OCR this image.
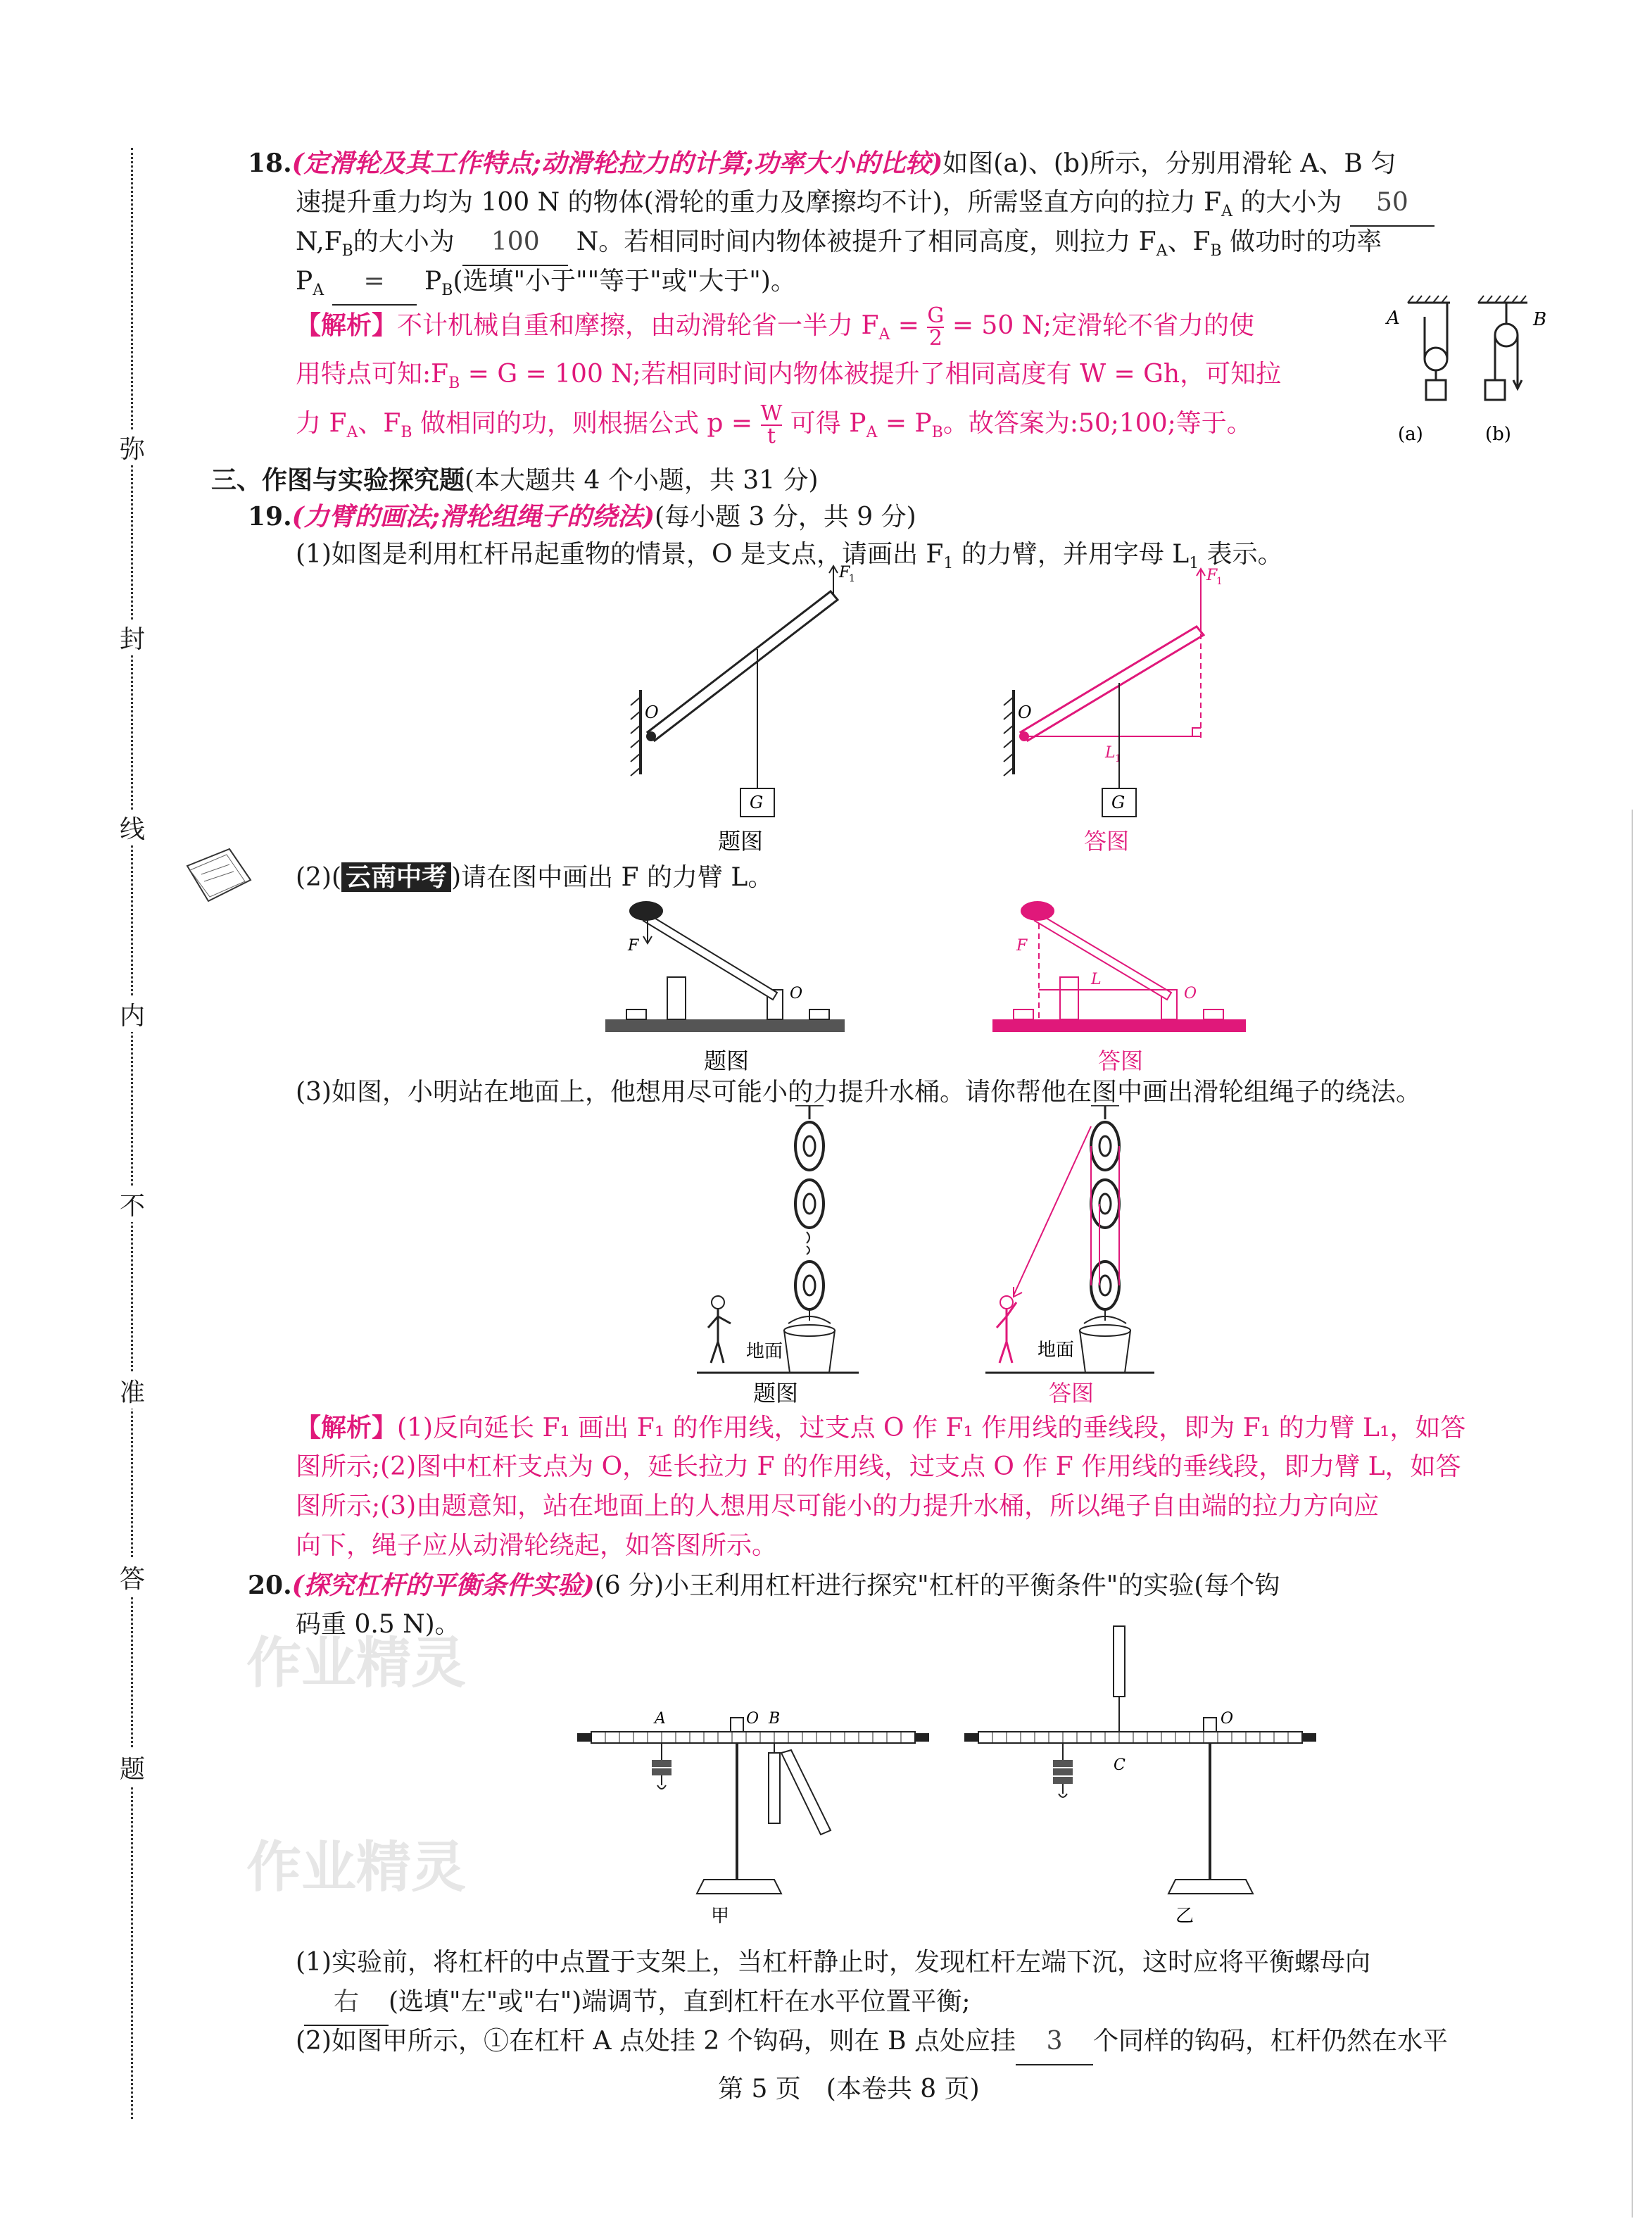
弥
封
线
内
不
准
答
题
18.(定滑轮及其工作特点;动滑轮拉力的计算;功率大小的比较)如图(a)、(b)所示，分别用滑轮 A、B 匀
速提升重力均为 100 N 的物体(滑轮的重力及摩擦均不计)，所需竖直方向的拉力 $F_A$ 的大小为 50
$N,F_B$的大小为 100 N。若相同时间内物体被提升了相同高度，则拉力 $F_A$、$F_B$ 做功时的功率
$P_A = P_B$(选填"小于""等于"或"大于")。
【解析】不计机械自重和摩擦，由动滑轮省一半力 $F_A = \frac{G}{2} = 50$ N;定滑轮不省力的使
用特点可知$:F_B = G = 100$ N;若相同时间内物体被提升了相同高度有 W = Gh，可知拉
力 $F_A$、$F_B$ 做相同的功，则根据公式 $p = \frac{W}{t}$ 可得 $P_A = P_B$。故答案为:50;100;等于。
A	B
(a)	(b)
三、作图与实验探究题(本大题共 4 个小题，共 31 分)
19.(力臂的画法;滑轮组绳子的绕法)(每小题 3 分，共 9 分)
(1)如图是利用杠杆吊起重物的情景，O 是支点，请画出 $F_1$ 的力臂，并用字母 $L_1$ 表示。
F
1
G
O
题图
F
1
L 1
G
O
答图
(2)( 云南中考 )请在图中画出 F 的力臂 L。
F
O
题图
F
L
O
答图
(3)如图，小明站在地面上，他想用尽可能小的力提升水桶。请你帮他在图中画出滑轮组绳子的绕法。
地面
题图
地面
答图
【解析】(1)反向延长 F₁ 画出 F₁ 的作用线，过支点 O 作 F₁ 作用线的垂线段，即为 F₁ 的力臂 L₁，如答
图所示;(2)图中杠杆支点为 O，延长拉力 F 的作用线，过支点 O 作 F 作用线的垂线段，即力臂 L，如答
图所示;(3)由题意知，站在地面上的人想用尽可能小的力提升水桶，所以绳子自由端的拉力方向应
向下，绳子应从动滑轮绕起，如答图所示。
20.(探究杠杆的平衡条件实验)(6 分)小王利用杠杆进行探究"杠杆的平衡条件"的实验(每个钩
码重 0.5 N)。
作业精灵
作业精灵
A	O B
甲
C
O
乙
(1)实验前，将杠杆的中点置于支架上，当杠杆静止时，发现杠杆左端下沉，这时应将平衡螺母向
右 (选填"左"或"右")端调节，直到杠杆在水平位置平衡;
(2)如图甲所示，①在杠杆 A 点处挂 2 个钩码，则在 B 点处应挂 3 个同样的钩码，杠杆仍然在水平
第 5 页　(本卷共 8 页)
